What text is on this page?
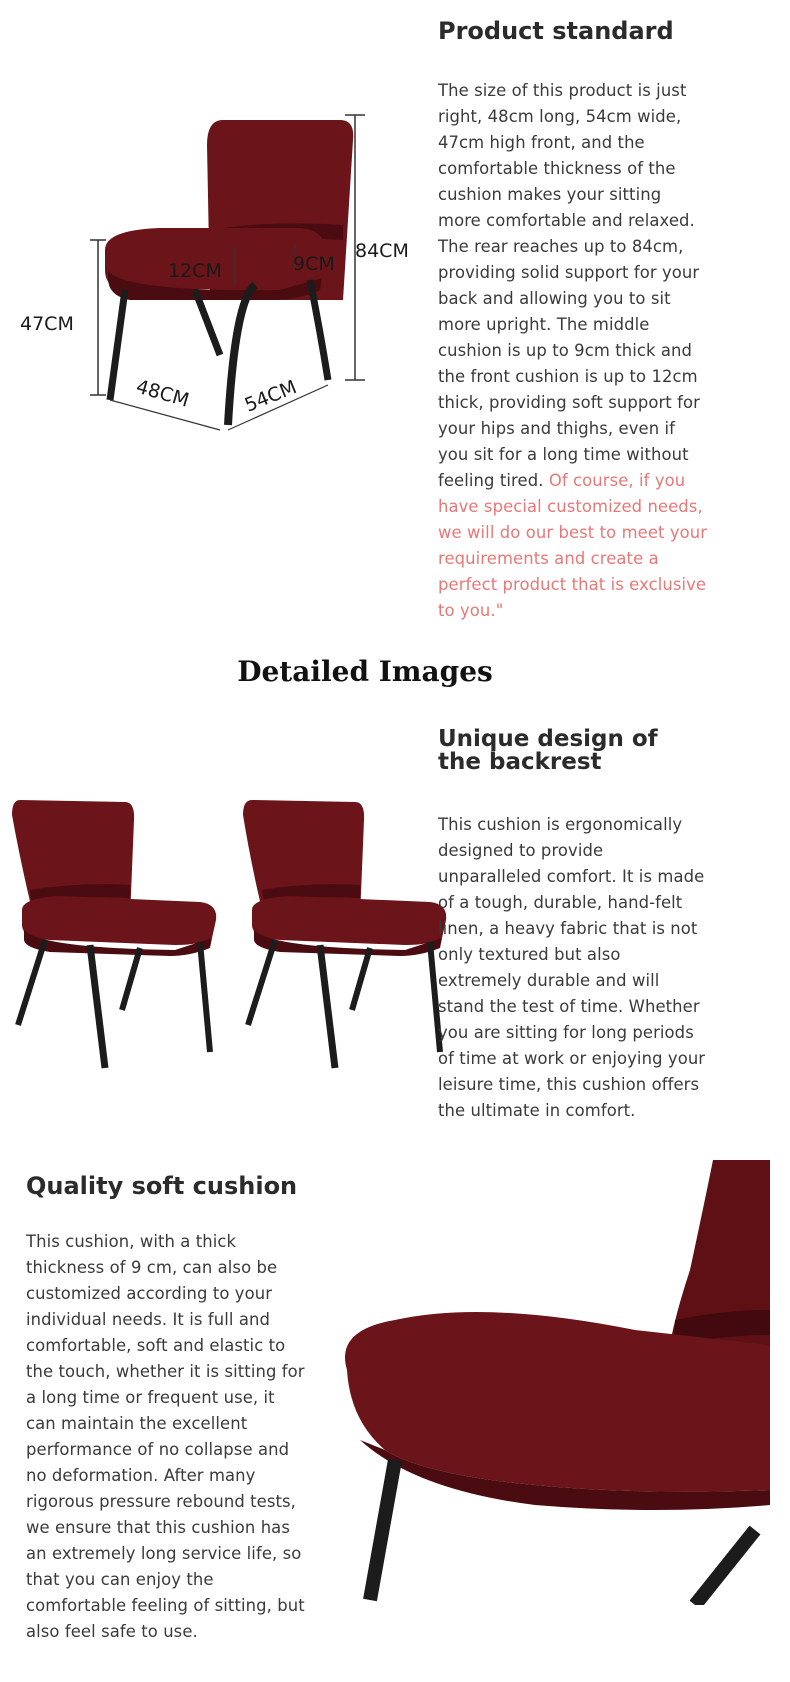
84CM
47CM
12CM	9CM
48CM	54CM
Product standard
The size of this product is just right, 48cm long, 54cm wide, 47cm high front, and the comfortable thickness of the cushion makes your sitting more comfortable and relaxed. The rear reaches up to 84cm, providing solid support for your back and allowing you to sit more upright. The middle cushion is up to 9cm thick and the front cushion is up to 12cm thick, providing soft support for your hips and thighs, even if you sit for a long time without feeling tired. Of course, if you have special customized needs, we will do our best to meet your requirements and create a perfect product that is exclusive to you."
Detailed Images
Unique design of the backrest
This cushion is ergonomically designed to provide unparalleled comfort. It is made of a tough, durable, hand-felt linen, a heavy fabric that is not only textured but also extremely durable and will stand the test of time. Whether you are sitting for long periods of time at work or enjoying your leisure time, this cushion offers the ultimate in comfort.
Quality soft cushion
This cushion, with a thick thickness of 9 cm, can also be customized according to your individual needs. It is full and comfortable, soft and elastic to the touch, whether it is sitting for a long time or frequent use, it can maintain the excellent performance of no collapse and no deformation. After many rigorous pressure rebound tests, we ensure that this cushion has an extremely long service life, so that you can enjoy the comfortable feeling of sitting, but also feel safe to use.
